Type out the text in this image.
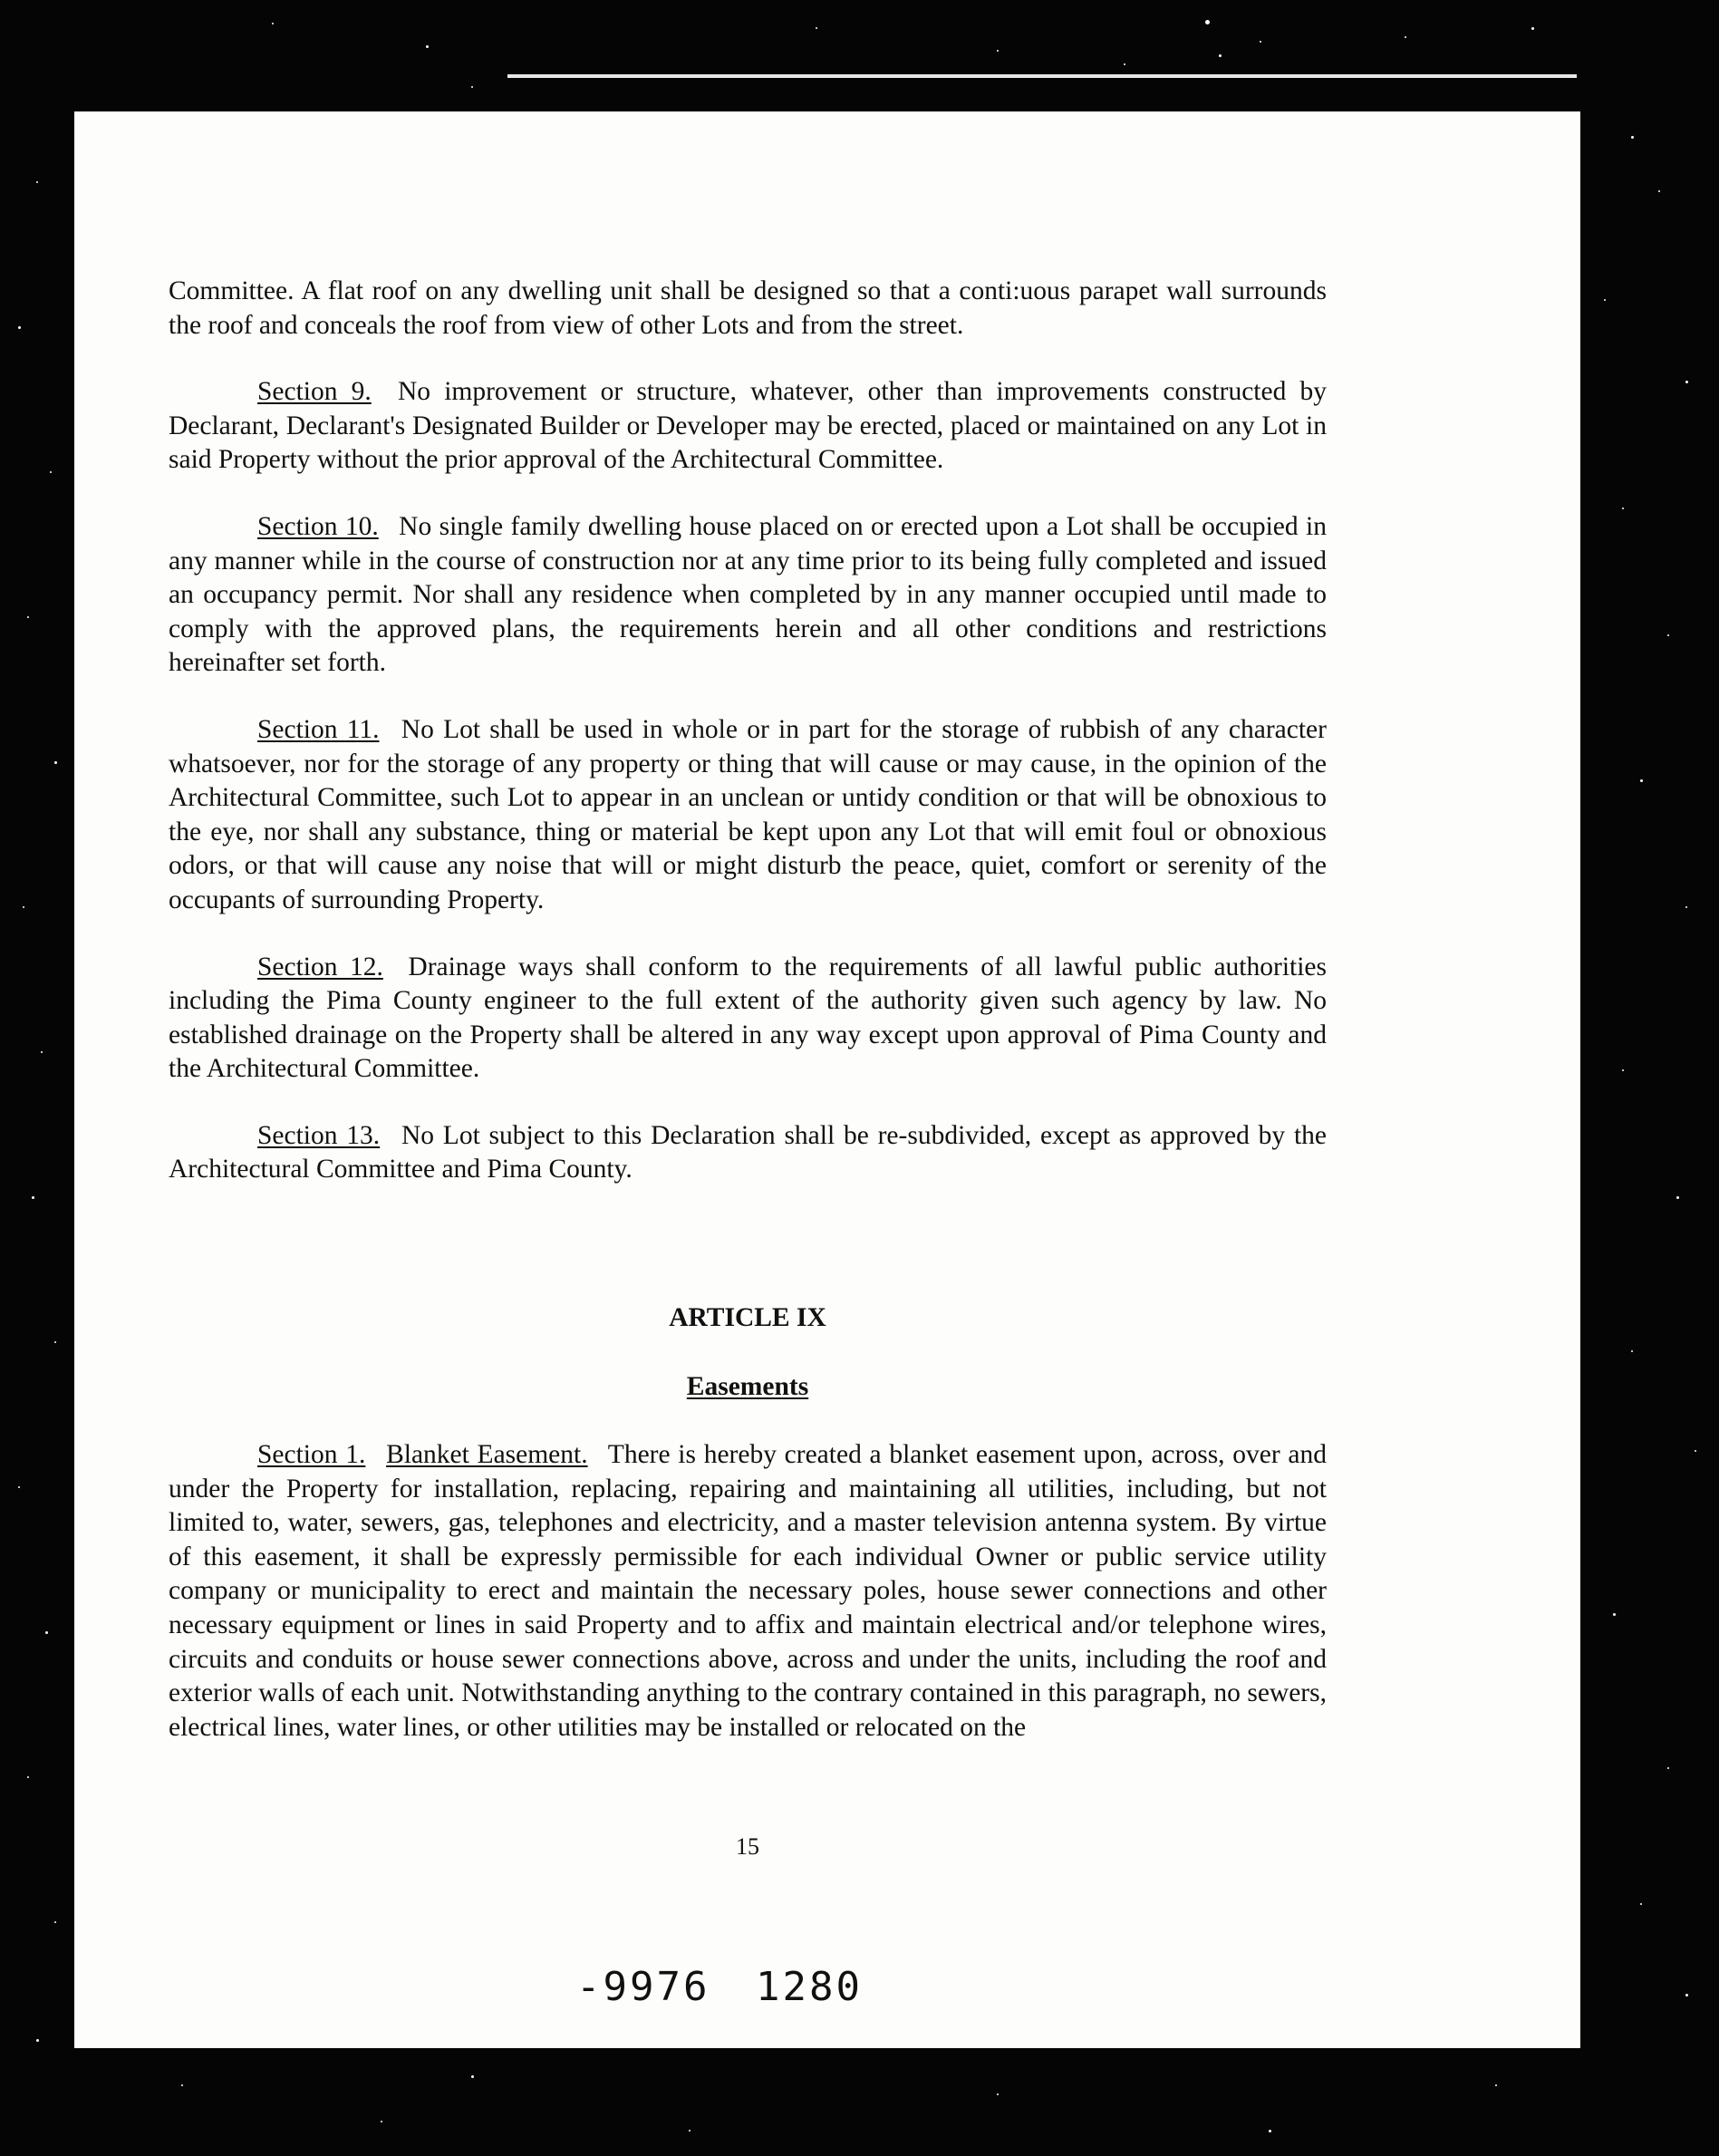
Committee. A flat roof on any dwelling unit shall be designed so that a conti:uous parapet wall surrounds the roof and conceals the roof from view of other Lots and from the street.

Section 9. No improvement or structure, whatever, other than improvements constructed by Declarant, Declarant's Designated Builder or Developer may be erected, placed or maintained on any Lot in said Property without the prior approval of the Architectural Committee.

Section 10. No single family dwelling house placed on or erected upon a Lot shall be occupied in any manner while in the course of construction nor at any time prior to its being fully completed and issued an occupancy permit. Nor shall any residence when completed by in any manner occupied until made to comply with the approved plans, the requirements herein and all other conditions and restrictions hereinafter set forth.

Section 11. No Lot shall be used in whole or in part for the storage of rubbish of any character whatsoever, nor for the storage of any property or thing that will cause or may cause, in the opinion of the Architectural Committee, such Lot to appear in an unclean or untidy condition or that will be obnoxious to the eye, nor shall any substance, thing or material be kept upon any Lot that will emit foul or obnoxious odors, or that will cause any noise that will or might disturb the peace, quiet, comfort or serenity of the occupants of surrounding Property.

Section 12. Drainage ways shall conform to the requirements of all lawful public authorities including the Pima County engineer to the full extent of the authority given such agency by law. No established drainage on the Property shall be altered in any way except upon approval of Pima County and the Architectural Committee.

Section 13. No Lot subject to this Declaration shall be re-subdivided, except as approved by the Architectural Committee and Pima County.

ARTICLE IX
Easements

Section 1. Blanket Easement. There is hereby created a blanket easement upon, across, over and under the Property for installation, replacing, repairing and maintaining all utilities, including, but not limited to, water, sewers, gas, telephones and electricity, and a master television antenna system. By virtue of this easement, it shall be expressly permissible for each individual Owner or public service utility company or municipality to erect and maintain the necessary poles, house sewer connections and other necessary equipment or lines in said Property and to affix and maintain electrical and/or telephone wires, circuits and conduits or house sewer connections above, across and under the units, including the roof and exterior walls of each unit. Notwithstanding anything to the contrary contained in this paragraph, no sewers, electrical lines, water lines, or other utilities may be installed or relocated on the

15
-9976 1280
